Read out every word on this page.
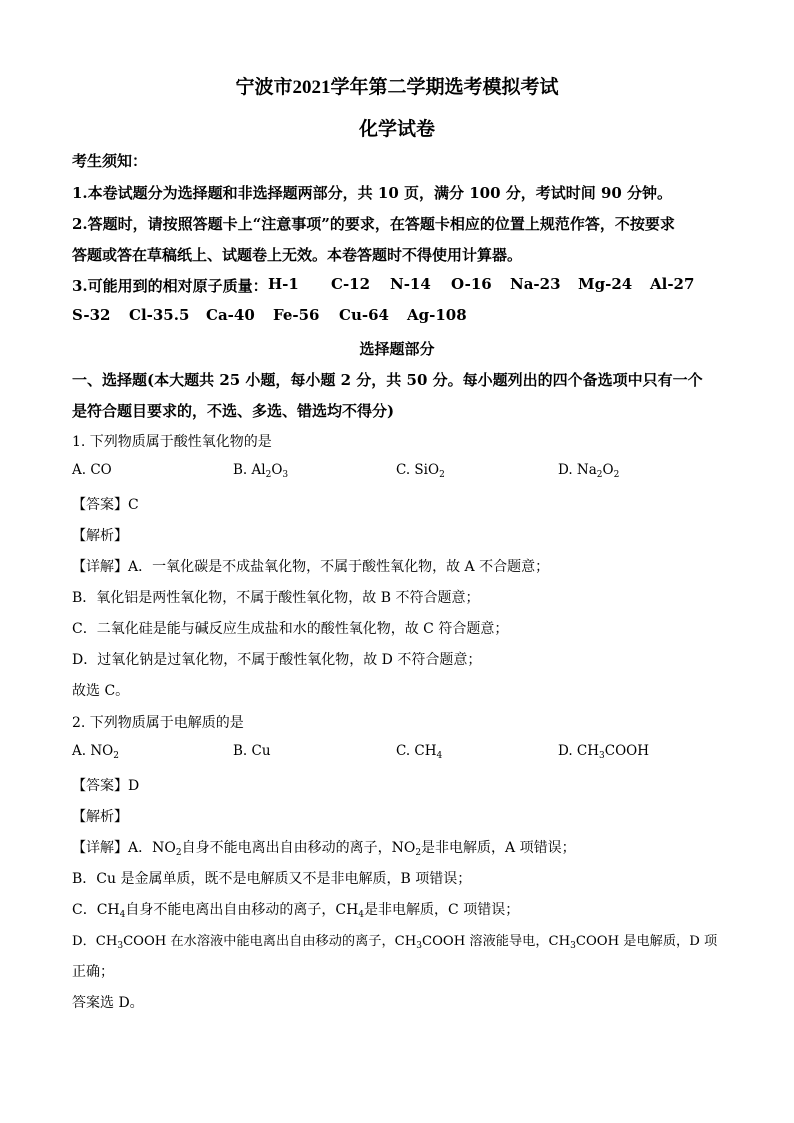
宁波市2021学年第二学期选考模拟考试
化学试卷
考生须知：
1.本卷试题分为选择题和非选择题两部分，共 10 页，满分 100 分，考试时间 90 分钟。
2.答题时，请按照答题卡上“注意事项”的要求，在答题卡相应的位置上规范作答，不按要求
答题或答在草稿纸上、试题卷上无效。本卷答题时不得使用计算器。
3.可能用到的相对原子质量： H-1 C-12 N-14 O-16 Na-23 Mg-24 Al-27
S-32 Cl-35.5 Ca-40 Fe-56 Cu-64 Ag-108
选择题部分
一、选择题(本大题共 25 小题，每小题 2 分，共 50 分。每小题列出的四个备选项中只有一个
是符合题目要求的，不选、多选、错选均不得分)
1. 下列物质属于酸性氧化物的是
A. CO	B. $Al_2O_3$	C. SiO$_2$	D. $Na_2O_2$
【答案】C
【解析】
【详解】A．一氧化碳是不成盐氧化物，不属于酸性氧化物，故 A 不合题意；
B．氧化铝是两性氧化物，不属于酸性氧化物，故 B 不符合题意；
C．二氧化硅是能与碱反应生成盐和水的酸性氧化物，故 C 符合题意；
D．过氧化钠是过氧化物，不属于酸性氧化物，故 D 不符合题意；
故选 C。
2. 下列物质属于电解质的是
A. $NO_2$	B. Cu	C. $CH_4$	D. $CH_3COOH$
【答案】D
【解析】
【详解】A．$NO_2$自身不能电离出自由移动的离子，$NO_2$是非电解质，A 项错误；
B．Cu 是金属单质，既不是电解质又不是非电解质，B 项错误；
C．$CH_4$自身不能电离出自由移动的离子，$CH_4$是非电解质，C 项错误；
D．$CH_3COOH$ 在水溶液中能电离出自由移动的离子，$CH_3COOH$ 溶液能导电，$CH_3COOH$ 是电解质，D 项
正确；
答案选 D。
